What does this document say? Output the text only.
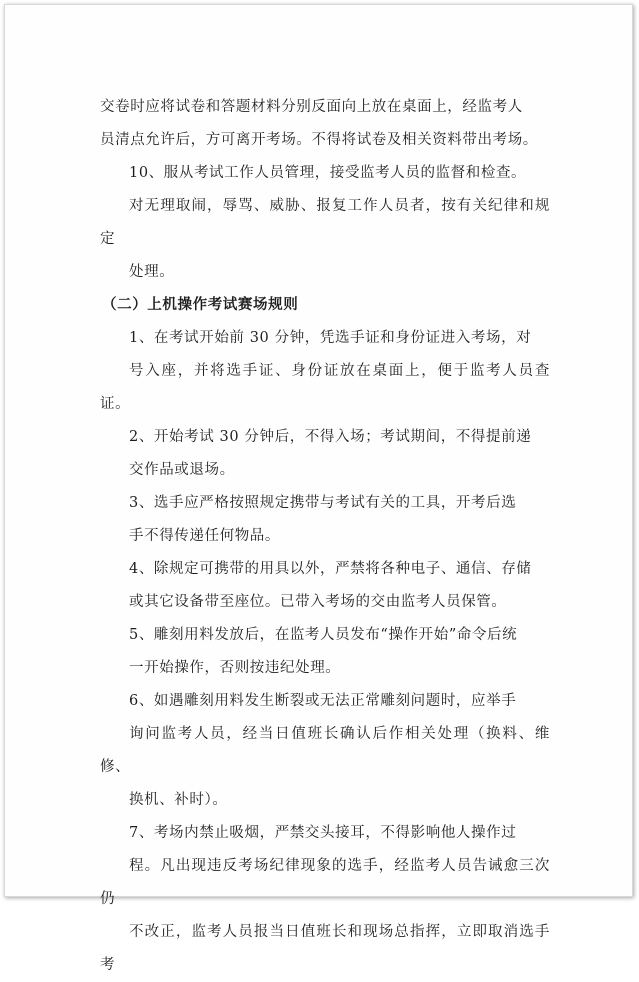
交卷时应将试卷和答题材料分别反面向上放在桌面上，经监考人
员清点允许后，方可离开考场。不得将试卷及相关资料带出考场。

10、服从考试工作人员管理，接受监考人员的监督和检查。
对无理取闹，辱骂、威胁、报复工作人员者，按有关纪律和规定
处理。

（二）上机操作考试赛场规则

1、在考试开始前 30 分钟，凭选手证和身份证进入考场，对
号入座，并将选手证、身份证放在桌面上，便于监考人员查证。

2、开始考试 30 分钟后，不得入场；考试期间，不得提前递
交作品或退场。

3、选手应严格按照规定携带与考试有关的工具，开考后选
手不得传递任何物品。

4、除规定可携带的用具以外，严禁将各种电子、通信、存储
或其它设备带至座位。已带入考场的交由监考人员保管。

5、雕刻用料发放后，在监考人员发布“操作开始”命令后统
一开始操作，否则按违纪处理。

6、如遇雕刻用料发生断裂或无法正常雕刻问题时，应举手
询问监考人员，经当日值班长确认后作相关处理（换料、维修、
换机、补时）。

7、考场内禁止吸烟，严禁交头接耳，不得影响他人操作过
程。凡出现违反考场纪律现象的选手，经监考人员告诫愈三次仍
不改正，监考人员报当日值班长和现场总指挥，立即取消选手考
